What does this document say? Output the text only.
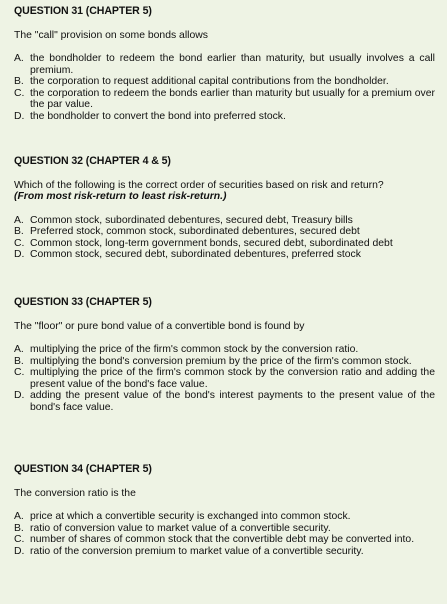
QUESTION 31 (CHAPTER 5)
The "call" provision on some bonds allows
A. the bondholder to redeem the bond earlier than maturity, but usually involves a call premium.
B. the corporation to request additional capital contributions from the bondholder.
C. the corporation to redeem the bonds earlier than maturity but usually for a premium over the par value.
D. the bondholder to convert the bond into preferred stock.
QUESTION 32 (CHAPTER 4 & 5)
Which of the following is the correct order of securities based on risk and return?
(From most risk-return to least risk-return.)
A. Common stock, subordinated debentures, secured debt, Treasury bills
B. Preferred stock, common stock, subordinated debentures, secured debt
C. Common stock, long-term government bonds, secured debt, subordinated debt
D. Common stock, secured debt, subordinated debentures, preferred stock
QUESTION 33 (CHAPTER 5)
The "floor" or pure bond value of a convertible bond is found by
A. multiplying the price of the firm's common stock by the conversion ratio.
B. multiplying the bond's conversion premium by the price of the firm's common stock.
C. multiplying the price of the firm's common stock by the conversion ratio and adding the present value of the bond's face value.
D. adding the present value of the bond's interest payments to the present value of the bond's face value.
QUESTION 34 (CHAPTER 5)
The conversion ratio is the
A. price at which a convertible security is exchanged into common stock.
B. ratio of conversion value to market value of a convertible security.
C. number of shares of common stock that the convertible debt may be converted into.
D. ratio of the conversion premium to market value of a convertible security.
